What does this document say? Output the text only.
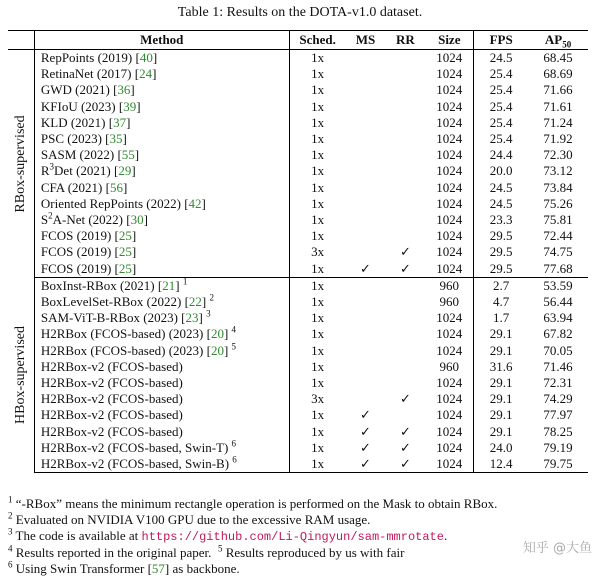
Table 1: Results on the DOTA-v1.0 dataset.
	Method	Sched.	MS	RR	Size	FPS	$AP_{50}$

RBox-supervised	RepPoints (2019) [40]	1x			1024	24.5	68.45
	RetinaNet (2017) [24]	1x			1024	25.4	68.69
	GWD (2021) [36]	1x			1024	25.4	71.66
	KFIoU (2023) [39]	1x			1024	25.4	71.61
	KLD (2021) [37]	1x			1024	25.4	71.24
	PSC (2023) [35]	1x			1024	25.4	71.92
	SASM (2022) [55]	1x			1024	24.4	72.30
	$R^3Det$ (2021) [29]	1x			1024	20.0	73.12
	CFA (2021) [56]	1x			1024	24.5	73.84
	Oriented RepPoints (2022) [42]	1x			1024	24.5	75.26
	$S^2A$-Net (2022) [30]	1x			1024	23.3	75.81
	FCOS (2019) [25]	1x			1024	29.5	72.44
	FCOS (2019) [25]	3x		✓	1024	29.5	74.75
	FCOS (2019) [25]	1x	✓	✓	1024	29.5	77.68

HBox-supervised	BoxInst-RBox (2021) [21] $^1$	1x			960	2.7	53.59
	BoxLevelSet-RBox (2022) [22] $^2$	1x			960	4.7	56.44
	SAM-ViT-B-RBox (2023) [23] $^3$	1x			1024	1.7	63.94
	H2RBox (FCOS-based) (2023) [20] $^4$	1x			1024	29.1	67.82
	H2RBox (FCOS-based) (2023) [20] $^5$	1x			1024	29.1	70.05
	H2RBox-v2 (FCOS-based)	1x			960	31.6	71.46
	H2RBox-v2 (FCOS-based)	1x			1024	29.1	72.31
	H2RBox-v2 (FCOS-based)	3x		✓	1024	29.1	74.29
	H2RBox-v2 (FCOS-based)	1x	✓		1024	29.1	77.97
	H2RBox-v2 (FCOS-based)	1x	✓	✓	1024	29.1	78.25
	H2RBox-v2 (FCOS-based, Swin-T) $^6$	1x	✓	✓	1024	24.0	79.19
	H2RBox-v2 (FCOS-based, Swin-B) $^6$	1x	✓	✓	1024	12.4	79.75
$^1$ “-RBox” means the minimum rectangle operation is performed on the Mask to obtain RBox.
$^2$ Evaluated on NVIDIA V100 GPU due to the excessive RAM usage.
$^3$ The code is available at https://github.com/Li-Qingyun/sam-mmrotate.
$^4$ Results reported in the original paper. $^5$ Results reproduced by us with fair
$^6$ Using Swin Transformer [57] as backbone.
知乎 @大鱼
